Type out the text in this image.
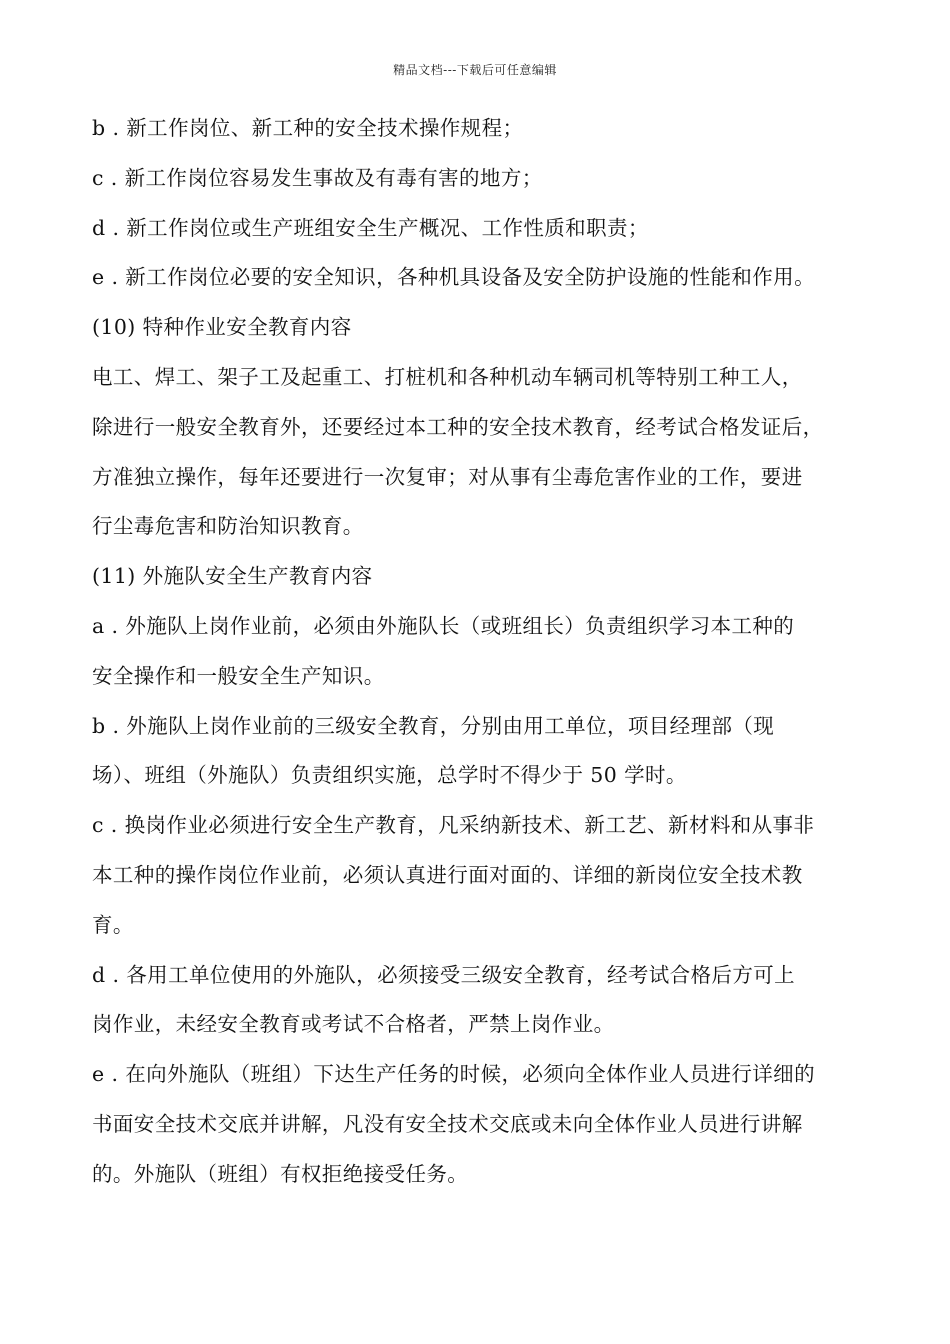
精品文档---下载后可任意编辑
b . 新工作岗位、新工种的安全技术操作规程；
c . 新工作岗位容易发生事故及有毒有害的地方；
d . 新工作岗位或生产班组安全生产概况、工作性质和职责；
e . 新工作岗位必要的安全知识，各种机具设备及安全防护设施的性能和作用。
(10) 特种作业安全教育内容
电工、焊工、架子工及起重工、打桩机和各种机动车辆司机等特别工种工人，
除进行一般安全教育外，还要经过本工种的安全技术教育，经考试合格发证后，
方准独立操作，每年还要进行一次复审；对从事有尘毒危害作业的工作，要进
行尘毒危害和防治知识教育。
(11) 外施队安全生产教育内容
a . 外施队上岗作业前，必须由外施队长（或班组长）负责组织学习本工种的
安全操作和一般安全生产知识。
b . 外施队上岗作业前的三级安全教育，分别由用工单位，项目经理部（现
场）、班组（外施队）负责组织实施，总学时不得少于 50 学时。
c . 换岗作业必须进行安全生产教育，凡采纳新技术、新工艺、新材料和从事非
本工种的操作岗位作业前，必须认真进行面对面的、详细的新岗位安全技术教
育。
d . 各用工单位使用的外施队，必须接受三级安全教育，经考试合格后方可上
岗作业，未经安全教育或考试不合格者，严禁上岗作业。
e . 在向外施队（班组）下达生产任务的时候，必须向全体作业人员进行详细的
书面安全技术交底并讲解，凡没有安全技术交底或未向全体作业人员进行讲解
的。外施队（班组）有权拒绝接受任务。
